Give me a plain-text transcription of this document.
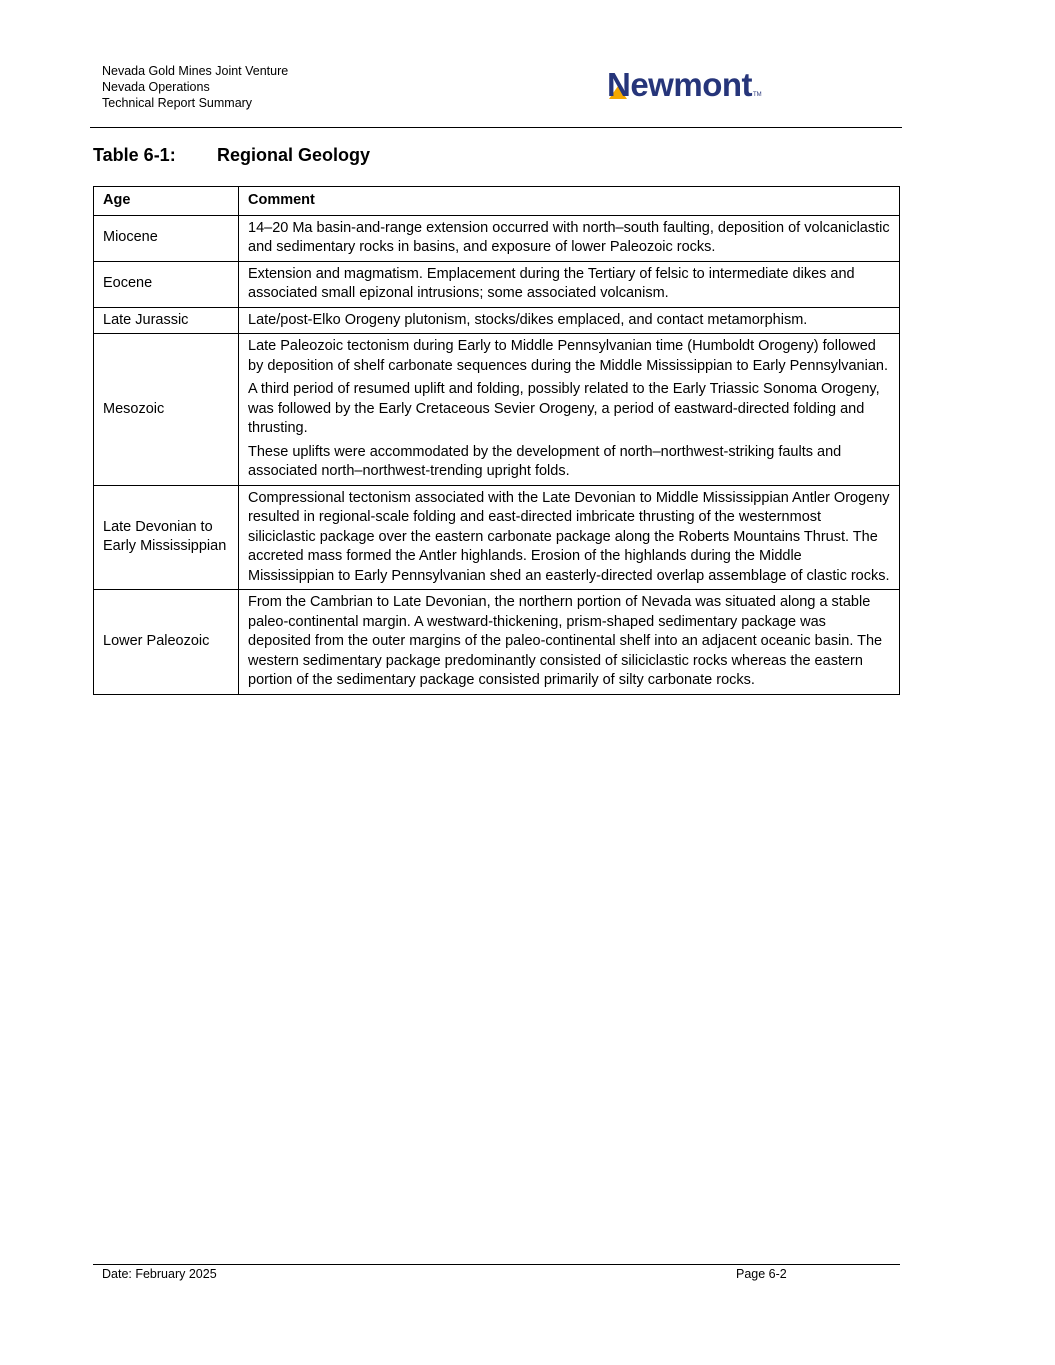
Nevada Gold Mines Joint Venture
Nevada Operations
Technical Report Summary	NewmontTM
Table 6-1: Regional Geology
Age	Comment
Miocene	14–20 Ma basin-and-range extension occurred with north–south faulting, deposition of volcaniclastic and sedimentary rocks in basins, and exposure of lower Paleozoic rocks.

Eocene	Extension and magmatism. Emplacement during the Tertiary of felsic to intermediate dikes and associated small epizonal intrusions; some associated volcanism.

Late Jurassic	Late/post-Elko Orogeny plutonism, stocks/dikes emplaced, and contact metamorphism.

Mesozoic	Late Paleozoic tectonism during Early to Middle Pennsylvanian time (Humboldt Orogeny) followed by deposition of shelf carbonate sequences during the Middle Mississippian to Early Pennsylvanian.

A third period of resumed uplift and folding, possibly related to the Early Triassic Sonoma Orogeny, was followed by the Early Cretaceous Sevier Orogeny, a period of eastward-directed folding and thrusting.

These uplifts were accommodated by the development of north–northwest-striking faults and associated north–northwest-trending upright folds.

Late Devonian to Early Mississippian	Compressional tectonism associated with the Late Devonian to Middle Mississippian Antler Orogeny resulted in regional-scale folding and east-directed imbricate thrusting of the westernmost siliciclastic package over the eastern carbonate package along the Roberts Mountains Thrust. The accreted mass formed the Antler highlands. Erosion of the highlands during the Middle Mississippian to Early Pennsylvanian shed an easterly-directed overlap assemblage of clastic rocks.

Lower Paleozoic	From the Cambrian to Late Devonian, the northern portion of Nevada was situated along a stable paleo-continental margin. A westward-thickening, prism-shaped sedimentary package was deposited from the outer margins of the paleo-continental shelf into an adjacent oceanic basin. The western sedimentary package predominantly consisted of siliciclastic rocks whereas the eastern portion of the sedimentary package consisted primarily of silty carbonate rocks.

Date: February 2025	Page 6-2
